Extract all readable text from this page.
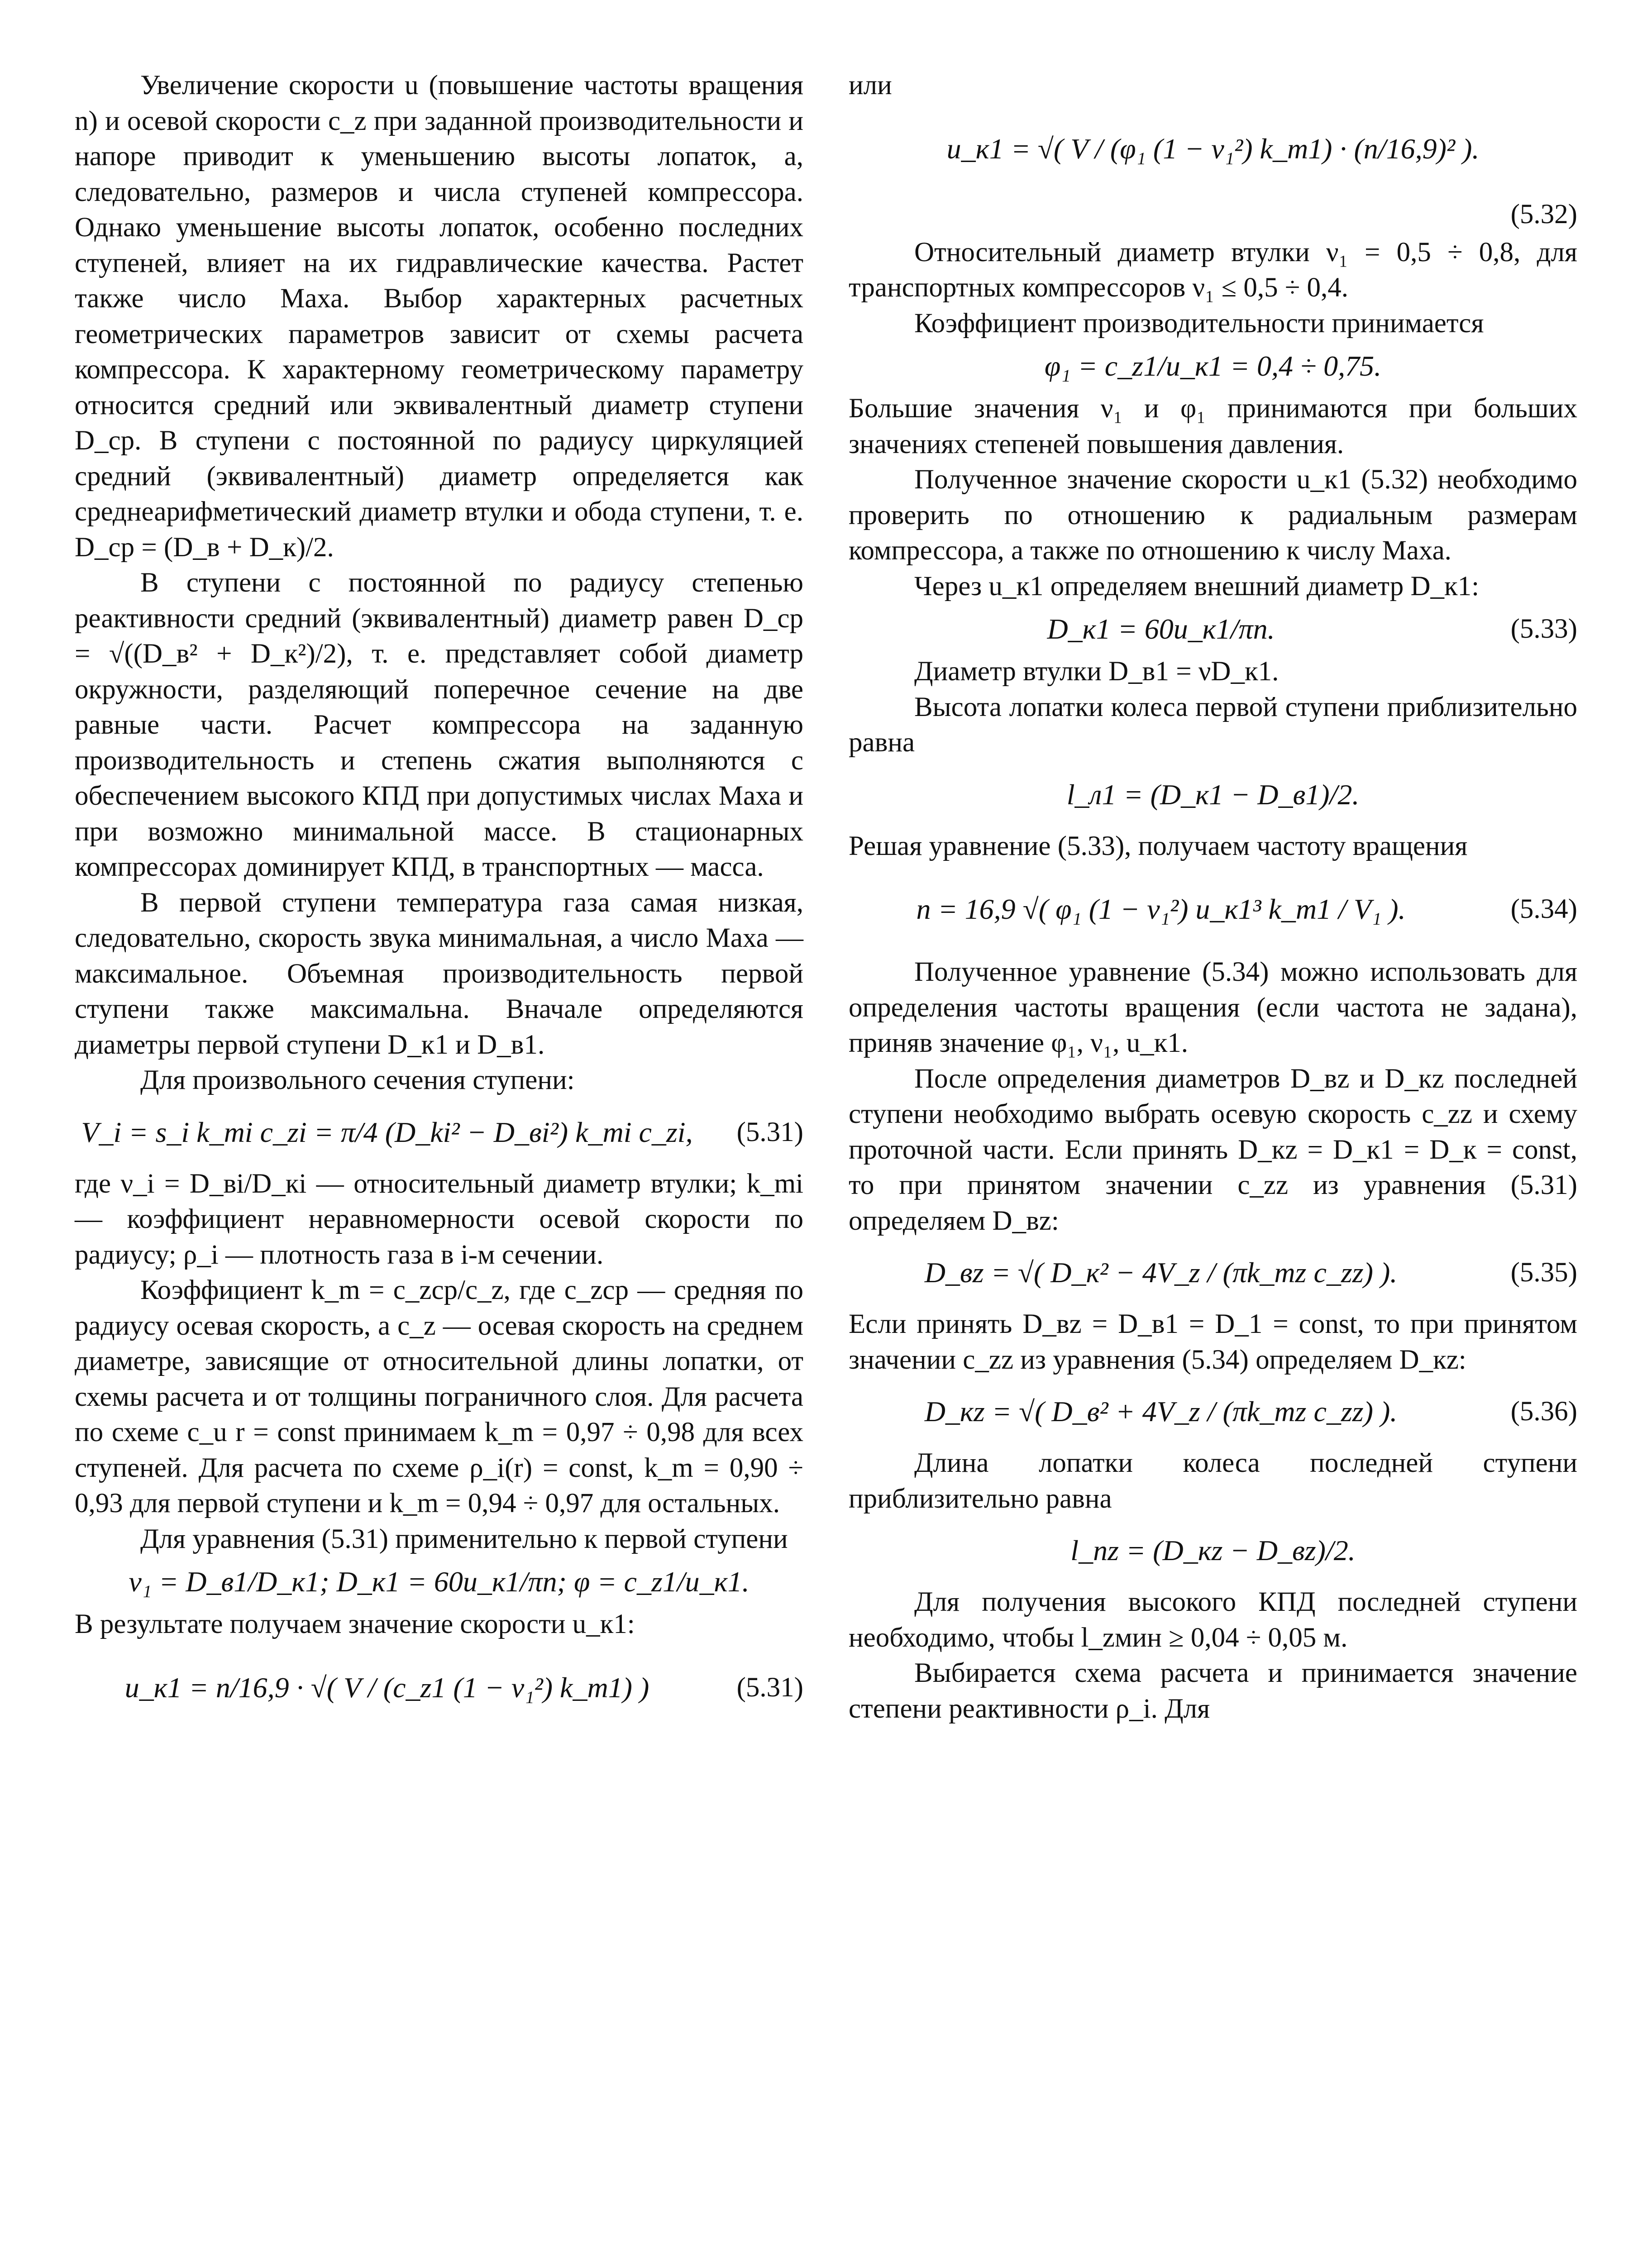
Увеличение скорости u (повышение частоты вращения n) и осевой скорости c_z при заданной производительности и напоре приводит к уменьшению высоты лопаток, а, следовательно, размеров и числа ступеней компрессора. Однако уменьшение высоты лопаток, особенно последних ступеней, влияет на их гидравлические качества. Растет также число Маха. Выбор характерных расчетных геометрических параметров зависит от схемы расчета компрессора. К характерному геометрическому параметру относится средний или эквивалентный диаметр ступени D_ср. В ступени с постоянной по радиусу циркуляцией средний (эквивалентный) диаметр определяется как среднеарифметический диаметр втулки и обода ступени, т. е. D_ср = (D_в + D_к)/2.

В ступени с постоянной по радиусу степенью реактивности средний (эквивалентный) диаметр равен D_ср = √((D_в² + D_к²)/2), т. е. представляет собой диаметр окружности, разделяющий поперечное сечение на две равные части. Расчет компрессора на заданную производительность и степень сжатия выполняются с обеспечением высокого КПД при допустимых числах Маха и при возможно минимальной массе. В стационарных компрессорах доминирует КПД, в транспортных — масса.

В первой ступени температура газа самая низкая, следовательно, скорость звука минимальная, а число Маха — максимальное. Объемная производительность первой ступени также максимальна. Вначале определяются диаметры первой ступени D_к1 и D_в1.

Для произвольного сечения ступени:

V_i = s_i k_mi c_zi = π/4 (D_ki² − D_вi²) k_mi c_zi,	(5.31)

где ν_i = D_вi/D_кi — относительный диаметр втулки; k_mi — коэффициент неравномерности осевой скорости по радиусу; ρ_i — плотность газа в i-м сечении.

Коэффициент k_m = c_zср/c_z, где c_zср — средняя по радиусу осевая скорость, а c_z — осевая скорость на среднем диаметре, зависящие от относительной длины лопатки, от схемы расчета и от толщины пограничного слоя. Для расчета по схеме c_u r = const принимаем k_m = 0,97 ÷ 0,98 для всех ступеней. Для расчета по схеме ρ_i(r) = const, k_m = 0,90 ÷ 0,93 для первой ступени и k_m = 0,94 ÷ 0,97 для остальных.

Для уравнения (5.31) применительно к первой ступени

ν₁ = D_в1/D_к1; D_к1 = 60u_к1/πn; φ = c_z1/u_к1.

В результате получаем значение скорости u_к1:

u_к1 = n/16,9 · √( V / (c_z1 (1 − ν₁²) k_m1) )	(5.31)

или

u_к1 = √( V / (φ₁ (1 − ν₁²) k_m1) · (n/16,9)² ).
(5.32)

Относительный диаметр втулки ν₁ = 0,5 ÷ 0,8, для транспортных компрессоров ν₁ ≤ 0,5 ÷ 0,4.

Коэффициент производительности принимается

φ₁ = c_z1/u_к1 = 0,4 ÷ 0,75.

Большие значения ν₁ и φ₁ принимаются при больших значениях степеней повышения давления.

Полученное значение скорости u_к1 (5.32) необходимо проверить по отношению к радиальным размерам компрессора, а также по отношению к числу Маха.

Через u_к1 определяем внешний диаметр D_к1:

D_к1 = 60u_к1/πn.	(5.33)

Диаметр втулки D_в1 = νD_к1.

Высота лопатки колеса первой ступени приблизительно равна

l_л1 = (D_к1 − D_в1)/2.

Решая уравнение (5.33), получаем частоту вращения

n = 16,9 √( φ₁ (1 − ν₁²) u_к1³ k_m1 / V₁ ).	(5.34)

Полученное уравнение (5.34) можно использовать для определения частоты вращения (если частота не задана), приняв значение φ₁, ν₁, u_к1.

После определения диаметров D_вz и D_кz последней ступени необходимо выбрать осевую скорость c_zz и схему проточной части. Если принять D_кz = D_к1 = D_к = const, то при принятом значении c_zz из уравнения (5.31) определяем D_вz:

D_вz = √( D_к² − 4V_z / (πk_mz c_zz) ).	(5.35)

Если принять D_вz = D_в1 = D_1 = const, то при принятом значении c_zz из уравнения (5.34) определяем D_кz:

D_кz = √( D_в² + 4V_z / (πk_mz c_zz) ).	(5.36)

Длина лопатки колеса последней ступени приблизительно равна

l_nz = (D_кz − D_вz)/2.

Для получения высокого КПД последней ступени необходимо, чтобы l_zмин ≥ 0,04 ÷ 0,05 м.

Выбирается схема расчета и принимается значение степени реактивности ρ_i. Для
